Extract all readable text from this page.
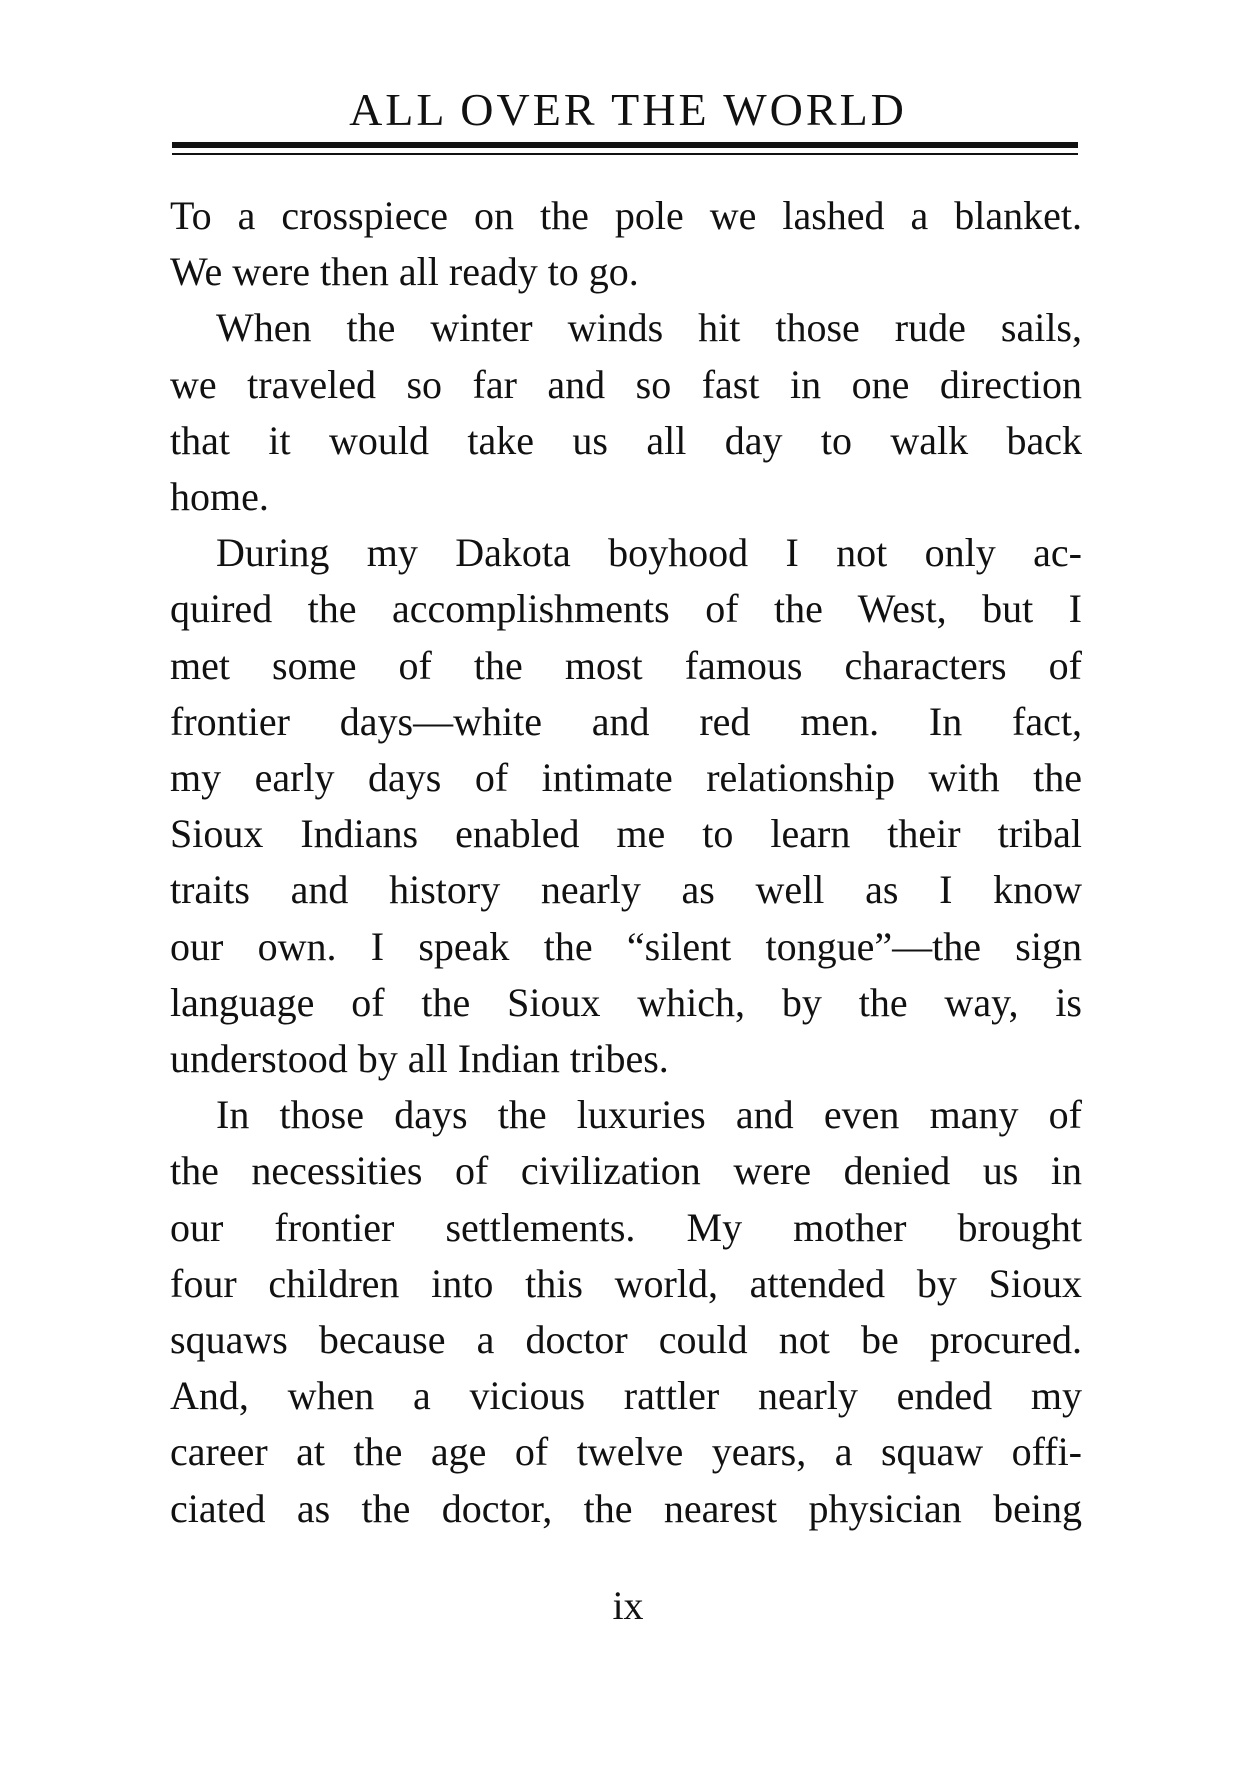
ALL OVER THE WORLD

To a crosspiece on the pole we lashed a blanket.

We were then all ready to go.

When the winter winds hit those rude sails,

we traveled so far and so fast in one direction

that it would take us all day to walk back

home.

During my Dakota boyhood I not only ac-

quired the accomplishments of the West, but I

met some of the most famous characters of

frontier days—white and red men. In fact,

my early days of intimate relationship with the

Sioux Indians enabled me to learn their tribal

traits and history nearly as well as I know

our own. I speak the “silent tongue”—the sign

language of the Sioux which, by the way, is

understood by all Indian tribes.

In those days the luxuries and even many of

the necessities of civilization were denied us in

our frontier settlements. My mother brought

four children into this world, attended by Sioux

squaws because a doctor could not be procured.

And, when a vicious rattler nearly ended my

career at the age of twelve years, a squaw offi-

ciated as the doctor, the nearest physician being

ix
